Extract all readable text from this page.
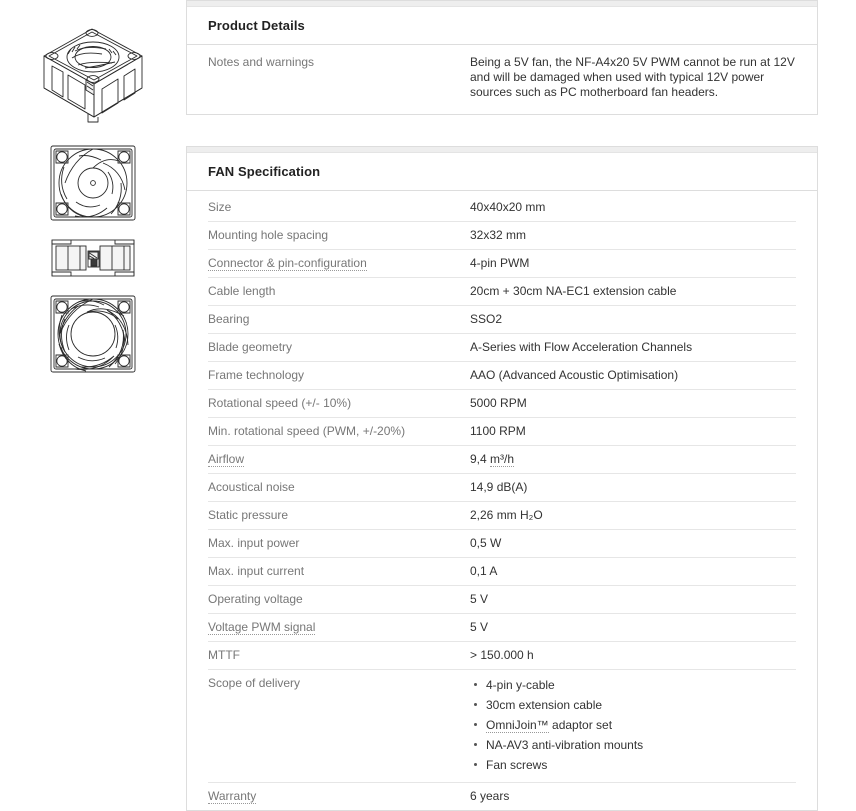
Product Details
Notes and warnings	Being a 5V fan, the NF-A4x20 5V PWM cannot be run at 12V and will be damaged when used with typical 12V power sources such as PC motherboard fan headers.
FAN Specification
Size	40x40x20 mm
Mounting hole spacing	32x32 mm
Connector & pin-configuration	4-pin PWM
Cable length	20cm + 30cm NA-EC1 extension cable
Bearing	SSO2
Blade geometry	A-Series with Flow Acceleration Channels
Frame technology	AAO (Advanced Acoustic Optimisation)
Rotational speed (+/- 10%)	5000 RPM
Min. rotational speed (PWM, +/-20%)	1100 RPM
Airflow	9,4 m³/h
Acoustical noise	14,9 dB(A)
Static pressure	2,26 mm H₂O
Max. input power	0,5 W
Max. input current	0,1 A
Operating voltage	5 V
Voltage PWM signal	5 V
MTTF	> 150.000 h
Scope of delivery	4-pin y-cable
30cm extension cable
OmniJoin™ adaptor set
NA-AV3 anti-vibration mounts
Fan screws

Warranty	6 years
